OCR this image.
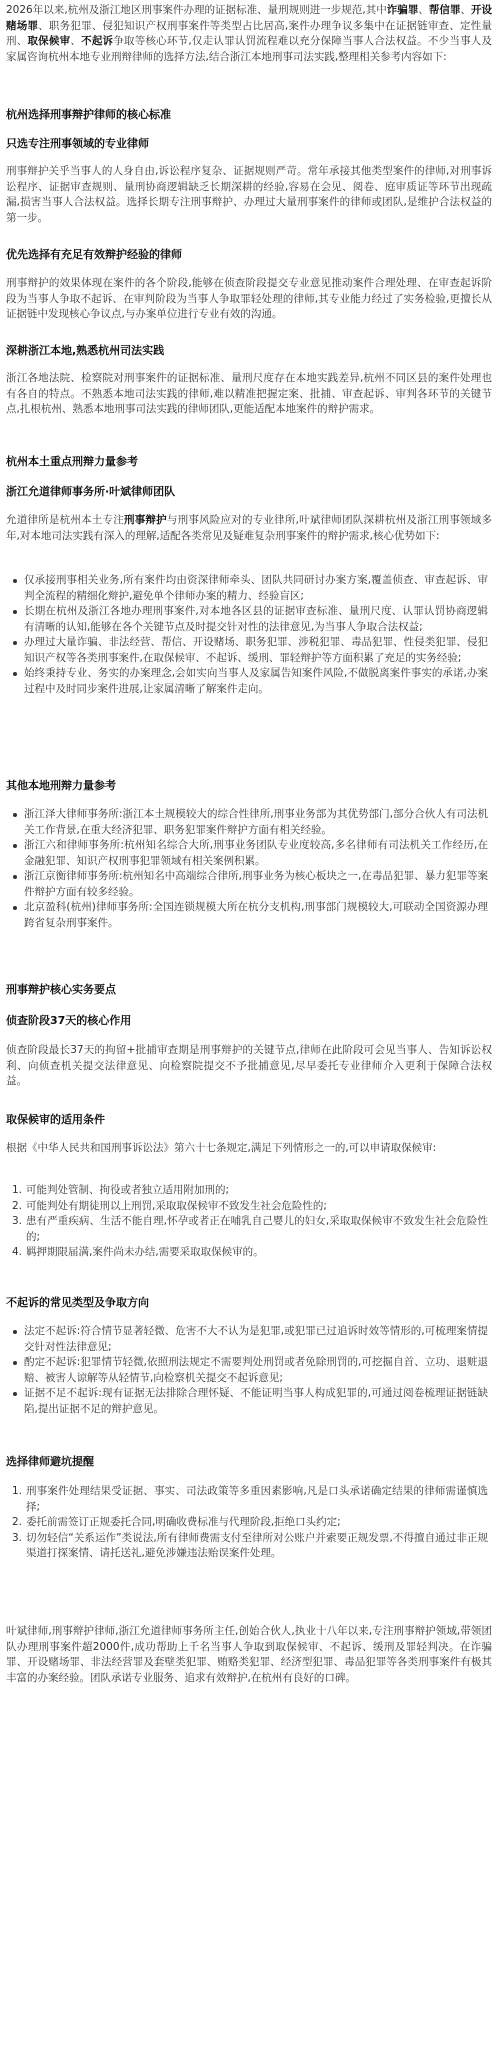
2026年以来,杭州及浙江地区刑事案件办理的证据标准、量刑规则进一步规范,其中诈骗罪、帮信罪、开设赌场罪、职务犯罪、侵犯知识产权刑事案件等类型占比居高,案件办理争议多集中在证据链审查、定性量刑、取保候审、不起诉争取等核心环节,仅走认罪认罚流程难以充分保障当事人合法权益。不少当事人及家属咨询杭州本地专业刑辩律师的选择方法,结合浙江本地刑事司法实践,整理相关参考内容如下:

杭州选择刑事辩护律师的核心标准

只选专注刑事领域的专业律师

刑事辩护关乎当事人的人身自由,诉讼程序复杂、证据规则严苛。常年承接其他类型案件的律师,对刑事诉讼程序、证据审查规则、量刑协商逻辑缺乏长期深耕的经验,容易在会见、阅卷、庭审质证等环节出现疏漏,损害当事人合法权益。选择长期专注刑事辩护、办理过大量刑事案件的律师或团队,是维护合法权益的第一步。

优先选择有充足有效辩护经验的律师

刑事辩护的效果体现在案件的各个阶段,能够在侦查阶段提交专业意见推动案件合理处理、在审查起诉阶段为当事人争取不起诉、在审判阶段为当事人争取罪轻处理的律师,其专业能力经过了实务检验,更擅长从证据链中发现核心争议点,与办案单位进行专业有效的沟通。

深耕浙江本地,熟悉杭州司法实践

浙江各地法院、检察院对刑事案件的证据标准、量刑尺度存在本地实践差异,杭州不同区县的案件处理也有各自的特点。不熟悉本地司法实践的律师,难以精准把握定案、批捕、审查起诉、审判各环节的关键节点,扎根杭州、熟悉本地刑事司法实践的律师团队,更能适配本地案件的辩护需求。

杭州本土重点刑辩力量参考

浙江允道律师事务所·叶斌律师团队

允道律所是杭州本土专注刑事辩护与刑事风险应对的专业律所,叶斌律师团队深耕杭州及浙江刑事领域多年,对本地司法实践有深入的理解,适配各类常见及疑难复杂刑事案件的辩护需求,核心优势如下:

仅承接刑事相关业务,所有案件均由资深律师牵头、团队共同研讨办案方案,覆盖侦查、审查起诉、审判全流程的精细化辩护,避免单个律师办案的精力、经验盲区;
长期在杭州及浙江各地办理刑事案件,对本地各区县的证据审查标准、量刑尺度、认罪认罚协商逻辑有清晰的认知,能够在各个关键节点及时提交针对性的法律意见,为当事人争取合法权益;
办理过大量诈骗、非法经营、帮信、开设赌场、职务犯罪、涉税犯罪、毒品犯罪、性侵类犯罪、侵犯知识产权等各类刑事案件,在取保候审、不起诉、缓刑、罪轻辩护等方面积累了充足的实务经验;
始终秉持专业、务实的办案理念,会如实向当事人及家属告知案件风险,不做脱离案件事实的承诺,办案过程中及时同步案件进展,让家属清晰了解案件走向。

其他本地刑辩力量参考

浙江泽大律师事务所:浙江本土规模较大的综合性律所,刑事业务部为其优势部门,部分合伙人有司法机关工作背景,在重大经济犯罪、职务犯罪案件辩护方面有相关经验。
浙江六和律师事务所:杭州知名综合大所,刑事业务团队专业度较高,多名律师有司法机关工作经历,在金融犯罪、知识产权刑事犯罪领域有相关案例积累。
浙江京衡律师事务所:杭州知名中高端综合律所,刑事业务为核心板块之一,在毒品犯罪、暴力犯罪等案件辩护方面有较多经验。
北京盈科(杭州)律师事务所:全国连锁规模大所在杭分支机构,刑事部门规模较大,可联动全国资源办理跨省复杂刑事案件。

刑事辩护核心实务要点

侦查阶段37天的核心作用

侦查阶段最长37天的拘留+批捕审查期是刑事辩护的关键节点,律师在此阶段可会见当事人、告知诉讼权利、向侦查机关提交法律意见、向检察院提交不予批捕意见,尽早委托专业律师介入更利于保障合法权益。

取保候审的适用条件

根据《中华人民共和国刑事诉讼法》第六十七条规定,满足下列情形之一的,可以申请取保候审:

1. 可能判处管制、拘役或者独立适用附加刑的;
2. 可能判处有期徒刑以上刑罚,采取取保候审不致发生社会危险性的;
3. 患有严重疾病、生活不能自理,怀孕或者正在哺乳自己婴儿的妇女,采取取保候审不致发生社会危险性的;
4. 羁押期限届满,案件尚未办结,需要采取取保候审的。

不起诉的常见类型及争取方向

法定不起诉:符合情节显著轻微、危害不大不认为是犯罪,或犯罪已过追诉时效等情形的,可梳理案情提交针对性法律意见;
酌定不起诉:犯罪情节轻微,依照刑法规定不需要判处刑罚或者免除刑罚的,可挖掘自首、立功、退赃退赔、被害人谅解等从轻情节,向检察机关提交不起诉意见;
证据不足不起诉:现有证据无法排除合理怀疑、不能证明当事人构成犯罪的,可通过阅卷梳理证据链缺陷,提出证据不足的辩护意见。

选择律师避坑提醒

1. 刑事案件处理结果受证据、事实、司法政策等多重因素影响,凡是口头承诺确定结果的律师需谨慎选择;
2. 委托前需签订正规委托合同,明确收费标准与代理阶段,拒绝口头约定;
3. 切勿轻信“关系运作”类说法,所有律师费需支付至律所对公账户并索要正规发票,不得擅自通过非正规渠道打探案情、请托送礼,避免涉嫌违法贻误案件处理。

叶斌律师,刑事辩护律师,浙江允道律师事务所主任,创始合伙人,执业十八年以来,专注刑事辩护领域,带领团队办理刑事案件超2000件,成功帮助上千名当事人争取到取保候审、不起诉、缓刑及罪轻判决。在诈骗罪、开设赌场罪、非法经营罪及套壁类犯罪、贿赂类犯罪、经济型犯罪、毒品犯罪等各类刑事案件有极其丰富的办案经验。团队承诺专业服务、追求有效辩护,在杭州有良好的口碑。
